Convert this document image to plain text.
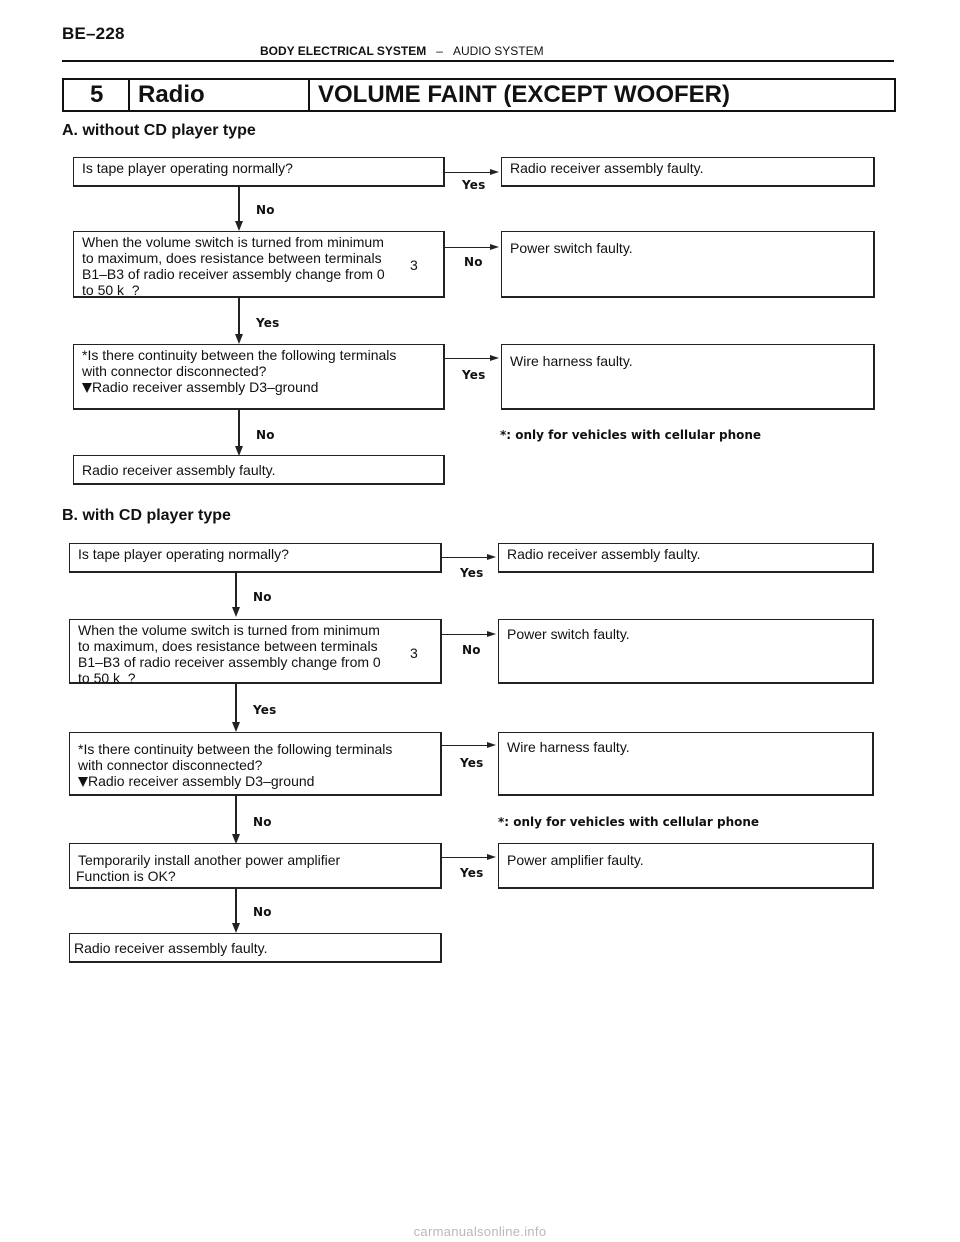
BE–228
BODY ELECTRICAL SYSTEM – AUDIO SYSTEM
5 Radio	VOLUME FAINT (EXCEPT WOOFER)
A. without CD player type
Is tape player operating normally?
Yes
Radio receiver assembly faulty.
No
When the volume switch is turned from minimum
to maximum, does resistance between terminals
B1–B3 of radio receiver assembly change from 0
to 50 k  ?
3	No
Power switch faulty.
Yes
*Is there continuity between the following terminals
with connector disconnected?
Radio receiver assembly D3–ground
Yes
Wire harness faulty.
*: only for vehicles with cellular phone
No
Radio receiver assembly faulty.
B. with CD player type
Is tape player operating normally?
Yes
Radio receiver assembly faulty.
No
When the volume switch is turned from minimum
to maximum, does resistance between terminals
B1–B3 of radio receiver assembly change from 0
to 50 k  ?
3	No
Power switch faulty.
Yes
*Is there continuity between the following terminals
with connector disconnected?
Radio receiver assembly D3–ground
Yes
Wire harness faulty.
*: only for vehicles with cellular phone
No
Temporarily install another power amplifier
Function is OK?	Yes
Power amplifier faulty.
No
Radio receiver assembly faulty.
carmanualsonline.info
